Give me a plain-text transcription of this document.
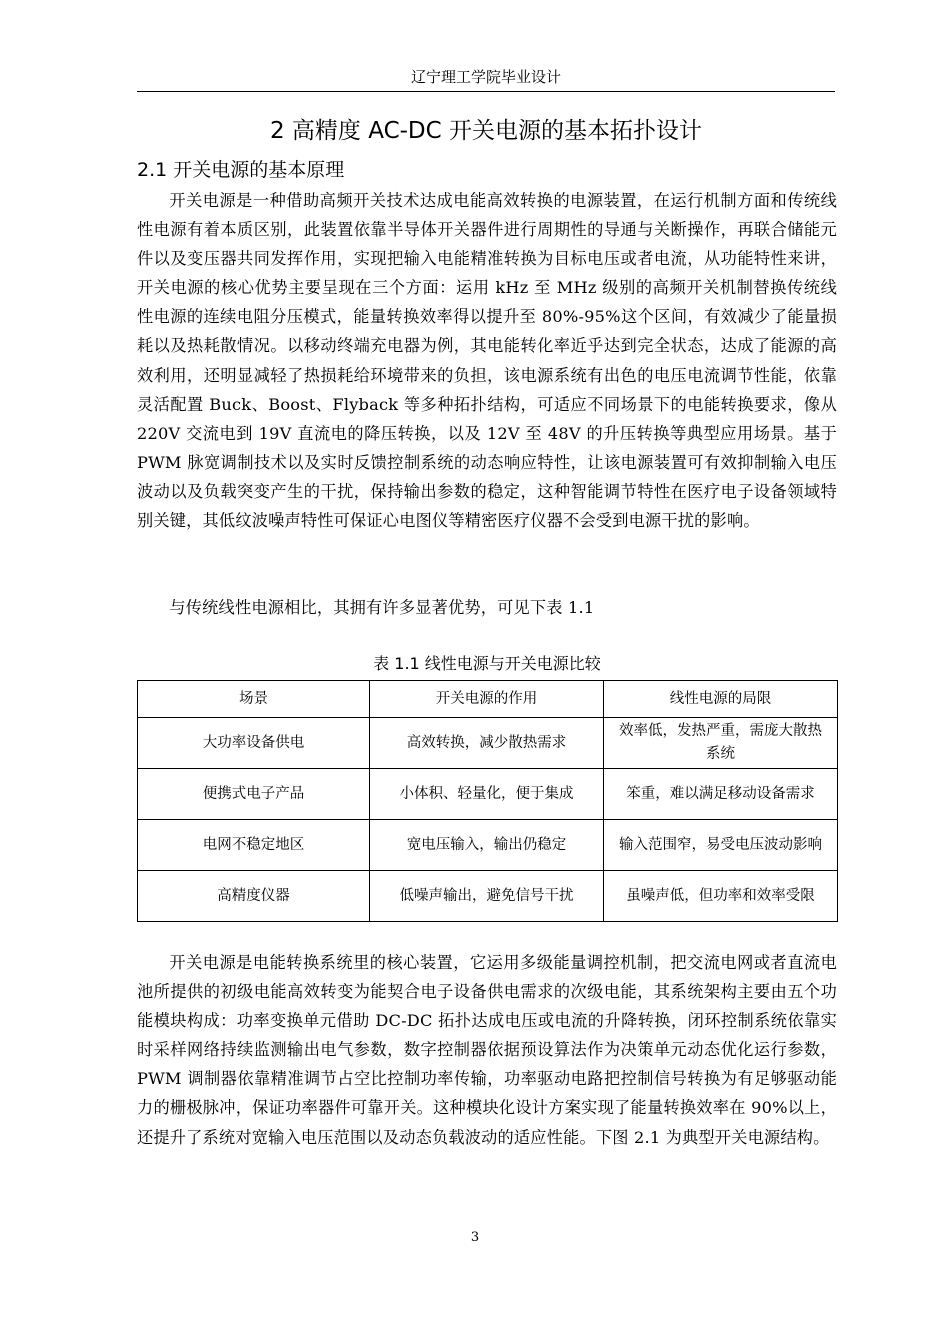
辽宁理工学院毕业设计
2 高精度 AC-DC 开关电源的基本拓扑设计
2.1 开关电源的基本原理

开关电源是一种借助高频开关技术达成电能高效转换的电源装置，在运行机制方面和传统线性电源有着本质区别，此装置依靠半导体开关器件进行周期性的导通与关断操作，再联合储能元件以及变压器共同发挥作用，实现把输入电能精准转换为目标电压或者电流，从功能特性来讲，开关电源的核心优势主要呈现在三个方面：运用 kHz 至 MHz 级别的高频开关机制替换传统线性电源的连续电阻分压模式，能量转换效率得以提升至 80%-95%这个区间，有效减少了能量损耗以及热耗散情况。以移动终端充电器为例，其电能转化率近乎达到完全状态，达成了能源的高效利用，还明显减轻了热损耗给环境带来的负担，该电源系统有出色的电压电流调节性能，依靠灵活配置 Buck、Boost、Flyback 等多种拓扑结构，可适应不同场景下的电能转换要求，像从 220V 交流电到 19V 直流电的降压转换，以及 12V 至 48V 的升压转换等典型应用场景。基于 PWM 脉宽调制技术以及实时反馈控制系统的动态响应特性，让该电源装置可有效抑制输入电压波动以及负载突变产生的干扰，保持输出参数的稳定，这种智能调节特性在医疗电子设备领域特别关键，其低纹波噪声特性可保证心电图仪等精密医疗仪器不会受到电源干扰的影响。

与传统线性电源相比，其拥有许多显著优势，可见下表 1.1

表 1.1 线性电源与开关电源比较
场景	开关电源的作用	线性电源的局限
大功率设备供电	高效转换，减少散热需求	效率低，发热严重，需庞大散热系统
便携式电子产品	小体积、轻量化，便于集成	笨重，难以满足移动设备需求
电网不稳定地区	宽电压输入，输出仍稳定	输入范围窄，易受电压波动影响
高精度仪器	低噪声输出，避免信号干扰	虽噪声低，但功率和效率受限

开关电源是电能转换系统里的核心装置，它运用多级能量调控机制，把交流电网或者直流电池所提供的初级电能高效转变为能契合电子设备供电需求的次级电能，其系统架构主要由五个功能模块构成：功率变换单元借助 DC-DC 拓扑达成电压或电流的升降转换，闭环控制系统依靠实时采样网络持续监测输出电气参数，数字控制器依据预设算法作为决策单元动态优化运行参数，PWM 调制器依靠精准调节占空比控制功率传输，功率驱动电路把控制信号转换为有足够驱动能力的栅极脉冲，保证功率器件可靠开关。这种模块化设计方案实现了能量转换效率在 90%以上，还提升了系统对宽输入电压范围以及动态负载波动的适应性能。下图 2.1 为典型开关电源结构。

3
